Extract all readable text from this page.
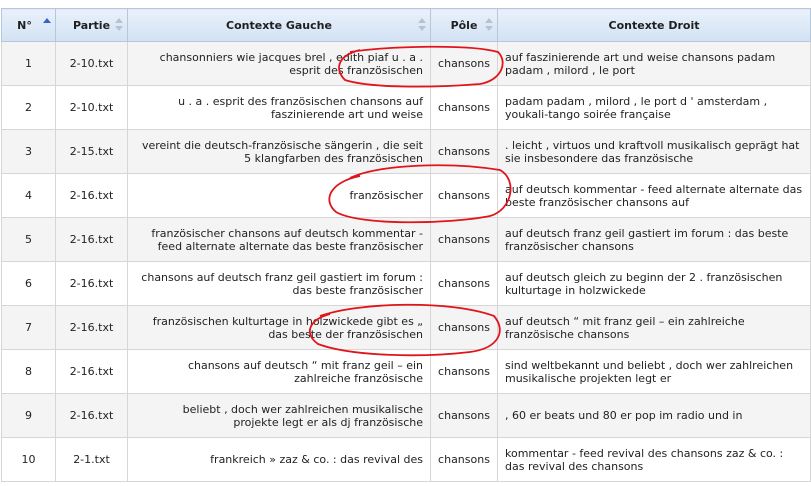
N°	Partie	Contexte Gauche	Pôle	Contexte Droit
1	2-10.txt	chansonniers wie jacques brel , edith piaf u . a . esprit des französischen	chansons	auf faszinierende art und weise chansons padam padam , milord , le port
2	2-10.txt	u . a . esprit des französischen chansons auf faszinierende art und weise	chansons	padam padam , milord , le port d ' amsterdam , youkali-tango soirée française
3	2-15.txt	vereint die deutsch-französische sängerin , die seit 5 klangfarben des französischen	chansons	. leicht , virtuos und kraftvoll musikalisch geprägt hat sie insbesondere das französische
4	2-16.txt	französischer	chansons	auf deutsch kommentar - feed alternate alternate das beste französischer chansons auf
5	2-16.txt	französischer chansons auf deutsch kommentar - feed alternate alternate das beste französischer	chansons	auf deutsch franz geil gastiert im forum : das beste französischer chansons
6	2-16.txt	chansons auf deutsch franz geil gastiert im forum : das beste französischer	chansons	auf deutsch gleich zu beginn der 2 . französischen kulturtage in holzwickede
7	2-16.txt	französischen kulturtage in holzwickede gibt es „ das beste der französischen	chansons	auf deutsch “ mit franz geil – ein zahlreiche französische chansons
8	2-16.txt	chansons auf deutsch “ mit franz geil – ein zahlreiche französische	chansons	sind weltbekannt und beliebt , doch wer zahlreichen musikalische projekten legt er
9	2-16.txt	beliebt , doch wer zahlreichen musikalische projekte legt er als dj französische	chansons	, 60 er beats und 80 er pop im radio und in
10	2-1.txt	frankreich » zaz & co. : das revival des	chansons	kommentar - feed revival des chansons zaz & co. : das revival des chansons
